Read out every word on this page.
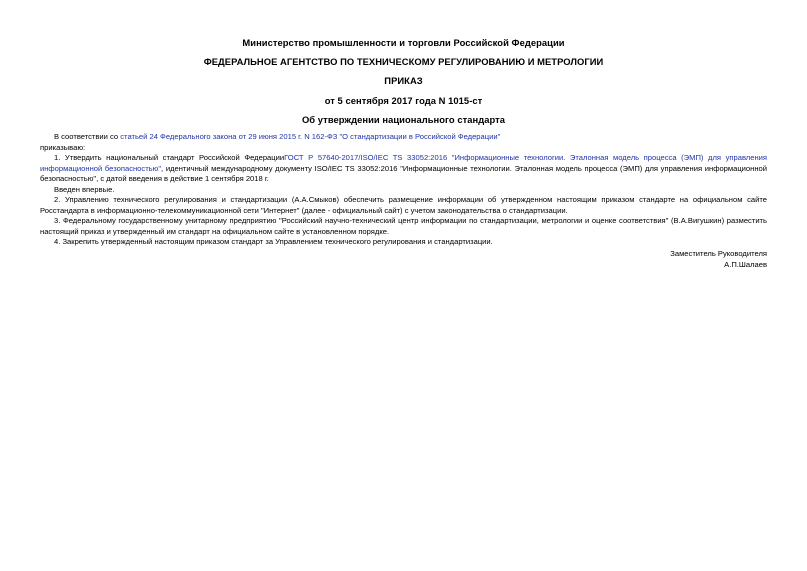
Министерство промышленности и торговли Российской Федерации
ФЕДЕРАЛЬНОЕ АГЕНТСТВО ПО ТЕХНИЧЕСКОМУ РЕГУЛИРОВАНИЮ И МЕТРОЛОГИИ
ПРИКАЗ
от 5 сентября 2017 года N 1015-ст
Об утверждении национального стандарта

В соответствии со статьей 24 Федерального закона от 29 июня 2015 г. N 162-ФЗ "О стандартизации в Российской Федерации"

приказываю:

1. Утвердить национальный стандарт Российской ФедерацииГОСТ Р 57640-2017/ISO/IEC TS 33052:2016 "Информационные технологии. Эталонная модель процесса (ЭМП) для управления информационной безопасностью", идентичный международному документу ISO/IEC TS 33052:2016 "Информационные технологии. Эталонная модель процесса (ЭМП) для управления информационной безопасностью", с датой введения в действие 1 сентября 2018 г.

Введен впервые.

2. Управлению технического регулирования и стандартизации (А.А.Смыков) обеспечить размещение информации об утвержденном настоящим приказом стандарте на официальном сайте Росстандарта в информационно-телекоммуникационной сети "Интернет" (далее - официальный сайт) с учетом законодательства о стандартизации.

3. Федеральному государственному унитарному предприятию "Российский научно-технический центр информации по стандартизации, метрологии и оценке соответствия" (В.А.Вигушкин) разместить настоящий приказ и утвержденный им стандарт на официальном сайте в установленном порядке.

4. Закрепить утвержденный настоящим приказом стандарт за Управлением технического регулирования и стандартизации.

Заместитель Руководителя
А.П.Шалаев
